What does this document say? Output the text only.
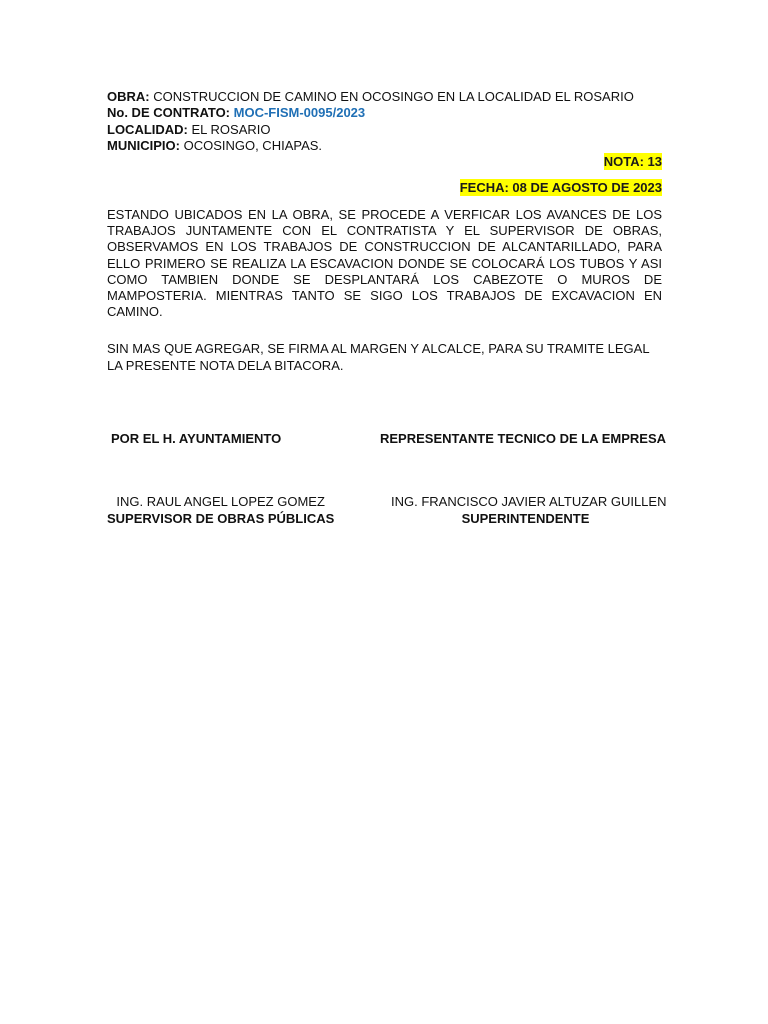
OBRA: CONSTRUCCION DE CAMINO EN OCOSINGO EN LA LOCALIDAD EL ROSARIO
No. DE CONTRATO: MOC-FISM-0095/2023
LOCALIDAD: EL ROSARIO
MUNICIPIO: OCOSINGO, CHIAPAS.
NOTA: 13
FECHA: 08 DE AGOSTO DE 2023
ESTANDO UBICADOS EN LA OBRA, SE PROCEDE A VERFICAR LOS AVANCES DE LOS TRABAJOS JUNTAMENTE CON EL CONTRATISTA Y EL SUPERVISOR DE OBRAS, OBSERVAMOS EN LOS TRABAJOS DE CONSTRUCCION DE ALCANTARILLADO, PARA ELLO PRIMERO SE REALIZA LA ESCAVACION DONDE SE COLOCARÁ LOS TUBOS Y ASI COMO TAMBIEN DONDE SE DESPLANTARÁ LOS CABEZOTE O MUROS DE MAMPOSTERIA. MIENTRAS TANTO SE SIGO LOS TRABAJOS DE EXCAVACION EN CAMINO.
SIN MAS QUE AGREGAR, SE FIRMA AL MARGEN Y ALCALCE, PARA SU TRAMITE LEGAL LA PRESENTE NOTA DELA BITACORA.
POR EL H. AYUNTAMIENTO	REPRESENTANTE TECNICO DE LA EMPRESA
ING. RAUL ANGEL LOPEZ GOMEZ
SUPERVISOR DE OBRAS PÚBLICAS
ING. FRANCISCO JAVIER ALTUZAR GUILLEN
SUPERINTENDENTE
